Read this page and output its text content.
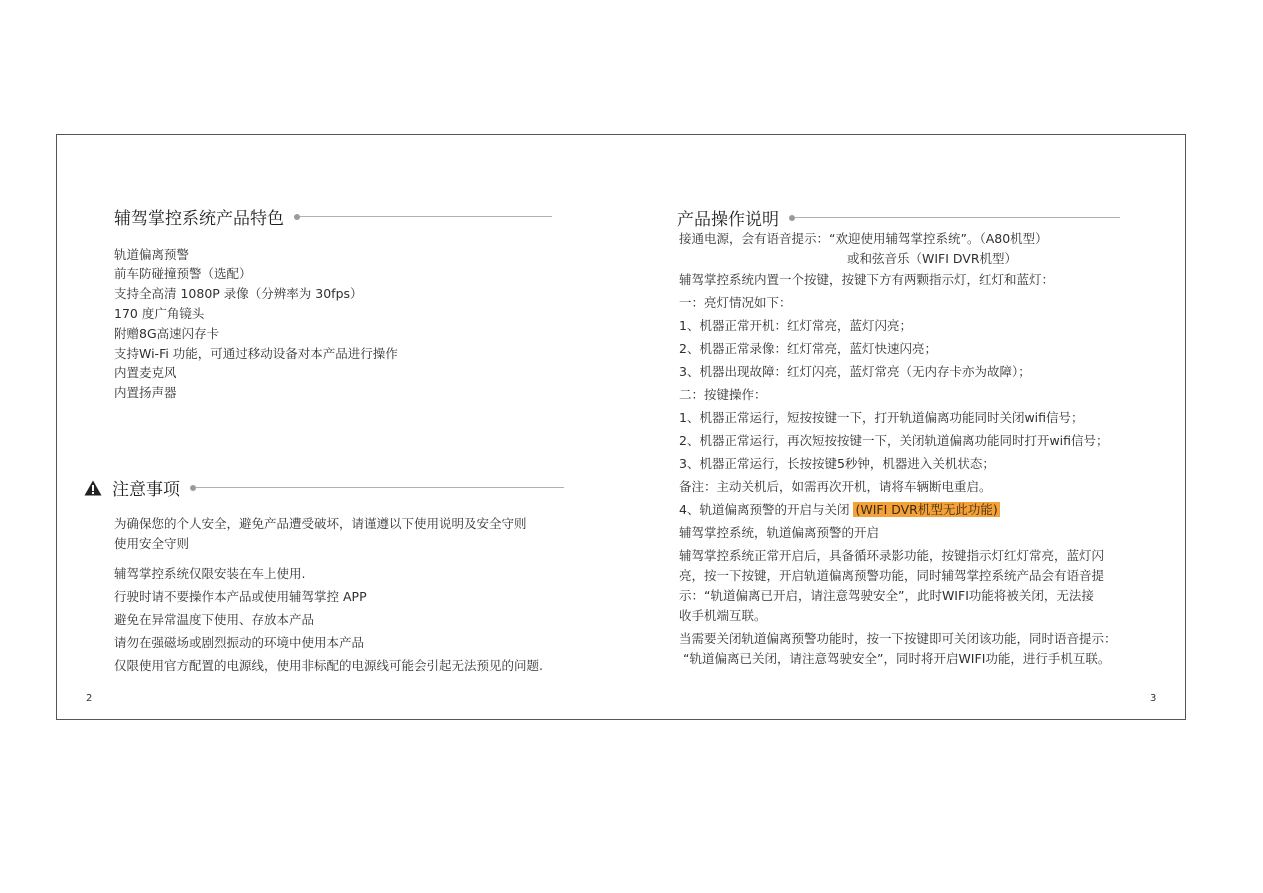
辅驾掌控系统产品特色
轨道偏离预警
前车防碰撞预警（选配）
支持全高清 1080P 录像（分辨率为 30fps）
170 度广角镜头
附赠8G高速闪存卡
支持Wi-Fi 功能，可通过移动设备对本产品进行操作
内置麦克风
内置扬声器
注意事项
为确保您的个人安全，避免产品遭受破坏，请谨遵以下使用说明及安全守则
使用安全守则
辅驾掌控系统仅限安装在车上使用.
行驶时请不要操作本产品或使用辅驾掌控 APP
避免在异常温度下使用、存放本产品
请勿在强磁场或剧烈振动的环境中使用本产品
仅限使用官方配置的电源线，使用非标配的电源线可能会引起无法预见的问题.
2
产品操作说明
接通电源，会有语音提示：“欢迎使用辅驾掌控系统”。（A80机型）
或和弦音乐（WIFI DVR机型）
辅驾掌控系统内置一个按键，按键下方有两颗指示灯，红灯和蓝灯：
一：亮灯情况如下：
1、机器正常开机：红灯常亮，蓝灯闪亮；
2、机器正常录像：红灯常亮，蓝灯快速闪亮；
3、机器出现故障：红灯闪亮，蓝灯常亮（无内存卡亦为故障）；
二：按键操作：
1、机器正常运行，短按按键一下，打开轨道偏离功能同时关闭wifi信号；
2、机器正常运行，再次短按按键一下，关闭轨道偏离功能同时打开wifi信号；
3、机器正常运行，长按按键5秒钟，机器进入关机状态；
备注：主动关机后，如需再次开机，请将车辆断电重启。
4、轨道偏离预警的开启与关闭 (WIFI DVR机型无此功能)
辅驾掌控系统，轨道偏离预警的开启
辅驾掌控系统正常开启后，具备循环录影功能，按键指示灯红灯常亮，蓝灯闪
亮，按一下按键，开启轨道偏离预警功能，同时辅驾掌控系统产品会有语音提
示：“轨道偏离已开启，请注意驾驶安全”，此时WIFI功能将被关闭，无法接
收手机端互联。
当需要关闭轨道偏离预警功能时，按一下按键即可关闭该功能，同时语音提示：
“轨道偏离已关闭，请注意驾驶安全”，同时将开启WIFI功能，进行手机互联。
3
